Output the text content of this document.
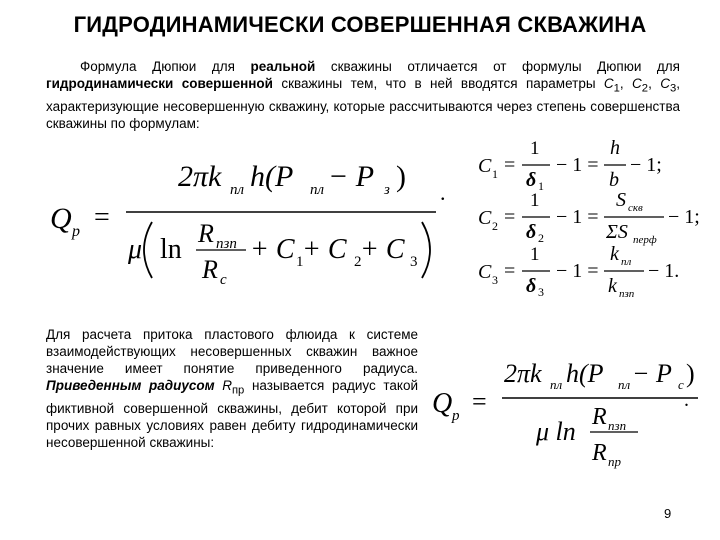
ГИДРОДИНАМИЧЕСКИ СОВЕРШЕННАЯ СКВАЖИНА

Формула Дюпюи для реальной скважины отличается от формулы Дюпюи для гидродинамически совершенной скважины тем, что в ней вводятся параметры $С_1$, $С_2$, $С_3$, характеризующие несовершенную скважину, которые рассчитываются через степень совершенства скважины по формулам:

Q p =
2πk пл h(P пл − P з )
μ ln
R пзп
R c
+ C 1
+ C 2
+ C 3
.
C 1 =
1
δ 1
− 1 =
h
b
− 1;
C 2 =
1
δ 2
− 1 =
S скв
ΣS перф
− 1;
C 3 =
1
δ 3
− 1 =
k пл
k пзп
− 1.

Для расчета притока пластового флюида к системе взаимодействующих несовершенных скважин важное значение имеет понятие приведенного радиуса. Приведенным радиусом $R_{пр}$ называется радиус такой фиктивной совершенной скважины, дебит которой при прочих равных условиях равен дебиту гидродинамически несовершенной скважины:

Q p =
2πk пл h(P пл − P c )
μ ln R пзп
R пр
.
9
